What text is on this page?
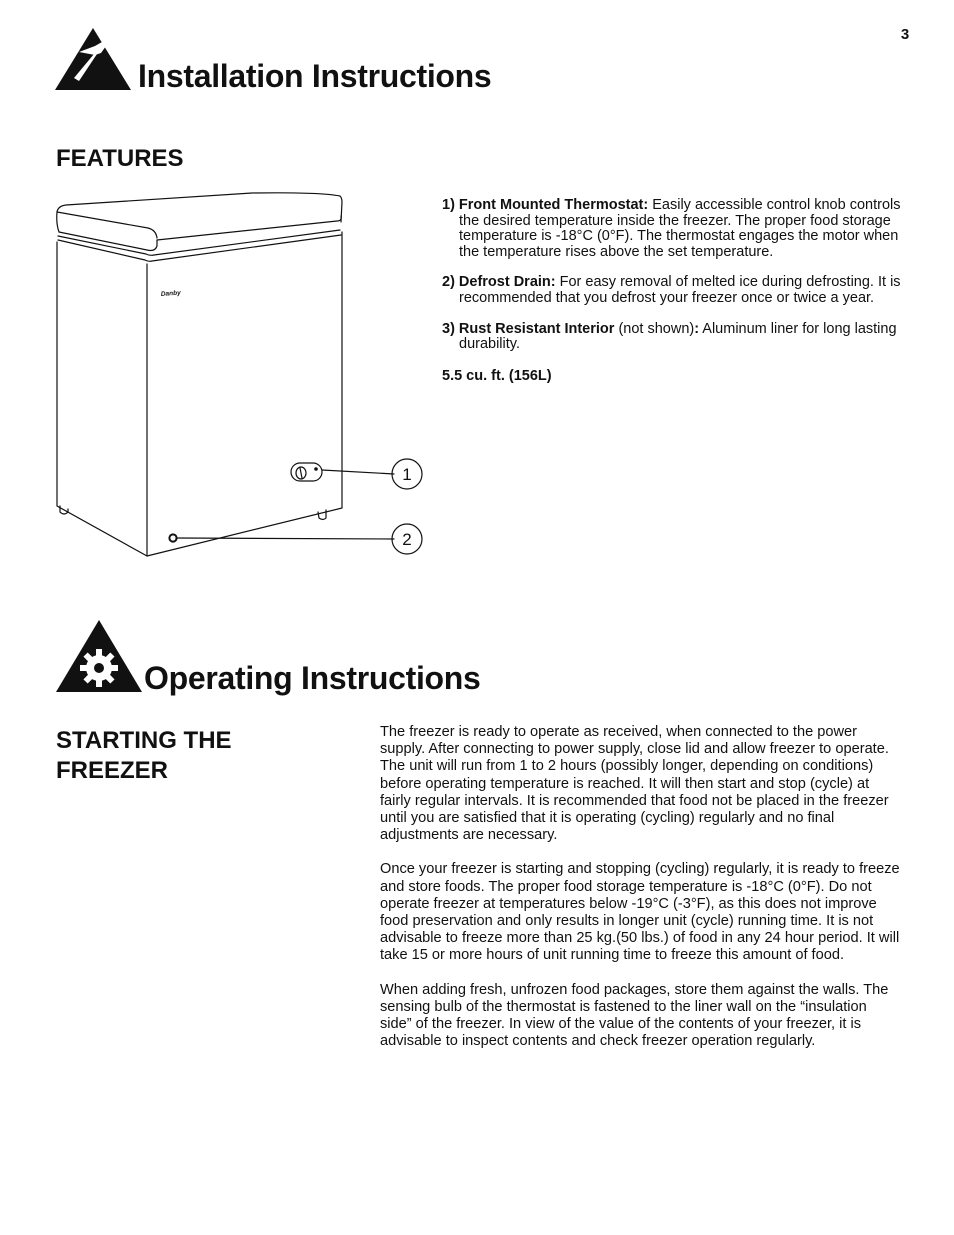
3
Installation Instructions
FEATURES
Danby
1
2

1) Front Mounted Thermostat: Easily accessible control knob controls the desired temperature inside the freezer. The proper food storage temperature is -18°C (0°F). The thermostat engages the motor when the temperature rises above the set temperature.

2) Defrost Drain: For easy removal of melted ice during defrosting. It is recommended that you defrost your freezer once or twice a year.

3) Rust Resistant Interior (not shown): Aluminum liner for long lasting durability.

5.5 cu. ft. (156L)
Operating Instructions
STARTING THE
FREEZER

The freezer is ready to operate as received, when connected to the power supply. After connecting to power supply, close lid and allow freezer to operate. The unit will run from 1 to 2 hours (possibly longer, depending on conditions) before operating temperature is reached. It will then start and stop (cycle) at fairly regular intervals. It is recommended that food not be placed in the freezer until you are satisfied that it is operating (cycling) regularly and no final adjustments are necessary.

Once your freezer is starting and stopping (cycling) regularly, it is ready to freeze and store foods. The proper food storage temperature is -18°C (0°F). Do not operate freezer at temperatures below -19°C (-3°F), as this does not improve food preservation and only results in longer unit (cycle) running time. It is not advisable to freeze more than 25 kg.(50 lbs.) of food in any 24 hour period. It will take 15 or more hours of unit running time to freeze this amount of food.

When adding fresh, unfrozen food packages, store them against the walls. The sensing bulb of the thermostat is fastened to the liner wall on the “insulation side” of the freezer. In view of the value of the contents of your freezer, it is advisable to inspect contents and check freezer operation regularly.
